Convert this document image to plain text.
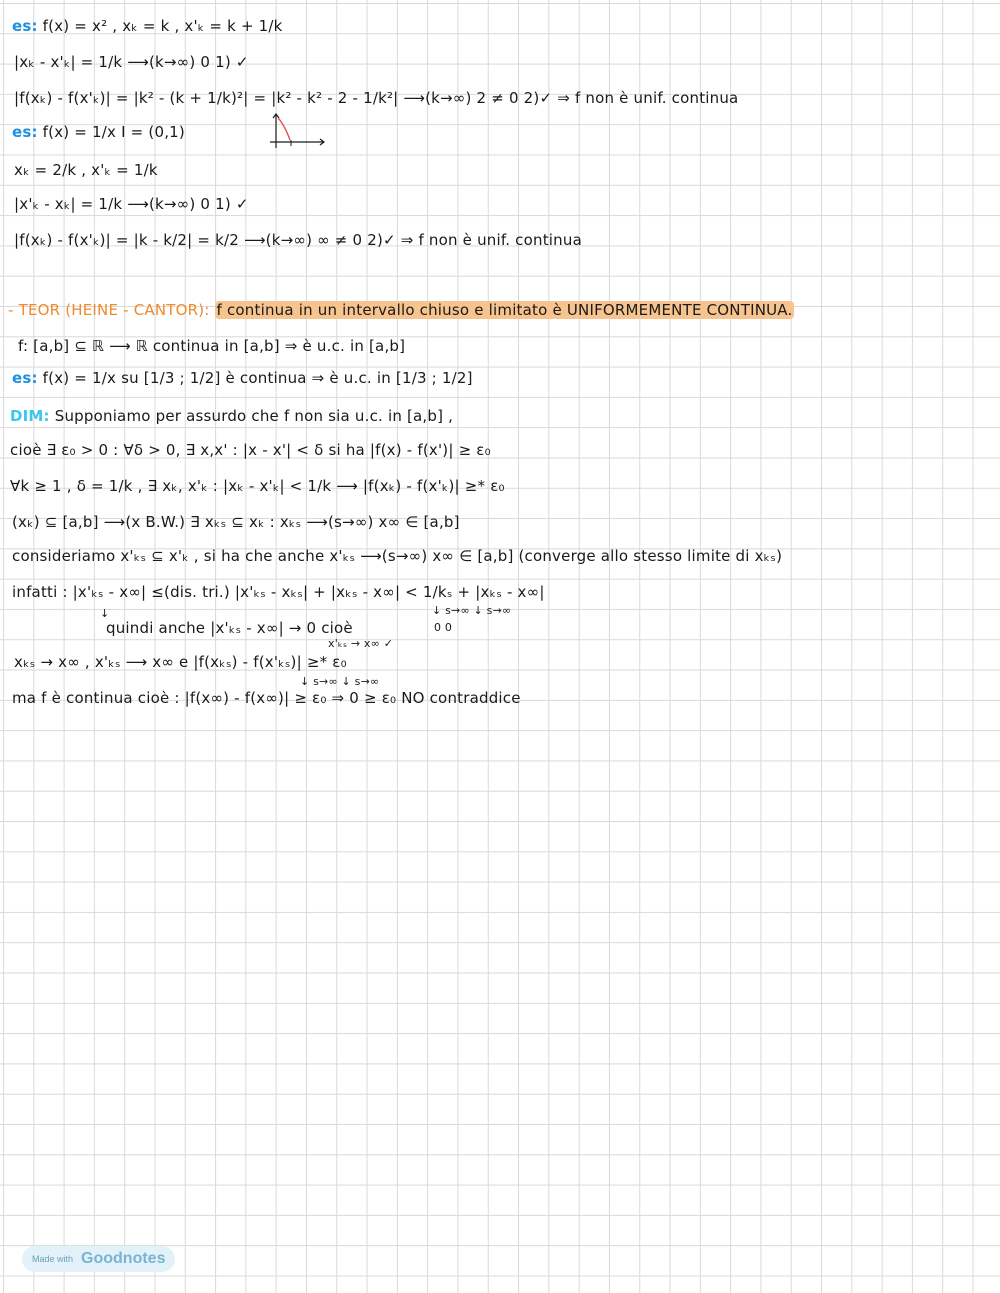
es: f(x) = x² , xₖ = k , x'ₖ = k + 1/k
|xₖ - x'ₖ| = 1/k ⟶(k→∞) 0 1) ✓
|f(xₖ) - f(x'ₖ)| = |k² - (k + 1/k)²| = |k² - k² - 2 - 1/k²| ⟶(k→∞) 2 ≠ 0 2)✓ ⇒ f non è unif. continua
es: f(x) = 1/x I = (0,1)
xₖ = 2/k , x'ₖ = 1/k
|x'ₖ - xₖ| = 1/k ⟶(k→∞) 0 1) ✓
|f(xₖ) - f(x'ₖ)| = |k - k/2| = k/2 ⟶(k→∞) ∞ ≠ 0 2)✓ ⇒ f non è unif. continua
- TEOR (HEINE - CANTOR): f continua in un intervallo chiuso e limitato è UNIFORMEMENTE CONTINUA.
f: [a,b] ⊆ ℝ ⟶ ℝ continua in [a,b] ⇒ è u.c. in [a,b]
es: f(x) = 1/x su [1/3 ; 1/2] è continua ⇒ è u.c. in [1/3 ; 1/2]
DIM: Supponiamo per assurdo che f non sia u.c. in [a,b] ,
cioè ∃ ε₀ > 0 : ∀δ > 0, ∃ x,x' : |x - x'| < δ si ha |f(x) - f(x')| ≥ ε₀
∀k ≥ 1 , δ = 1/k , ∃ xₖ, x'ₖ : |xₖ - x'ₖ| < 1/k ⟶ |f(xₖ) - f(x'ₖ)| ≥* ε₀
(xₖ) ⊆ [a,b] ⟶(x B.W.) ∃ xₖₛ ⊆ xₖ : xₖₛ ⟶(s→∞) x∞ ∈ [a,b]
consideriamo x'ₖₛ ⊆ x'ₖ , si ha che anche x'ₖₛ ⟶(s→∞) x∞ ∈ [a,b] (converge allo stesso limite di xₖₛ)
infatti : |x'ₖₛ - x∞| ≤(dis. tri.) |x'ₖₛ - xₖₛ| + |xₖₛ - x∞| < 1/kₛ + |xₖₛ - x∞|
↓ s→∞ ↓ s→∞
↓
0 0
quindi anche |x'ₖₛ - x∞| → 0 cioè
x'ₖₛ → x∞ ✓
xₖₛ → x∞ , x'ₖₛ ⟶ x∞ e |f(xₖₛ) - f(x'ₖₛ)| ≥* ε₀
↓ s→∞ ↓ s→∞
ma f è continua cioè : |f(x∞) - f(x∞)| ≥ ε₀ ⇒ 0 ≥ ε₀ NO contraddice
Made with Goodnotes
